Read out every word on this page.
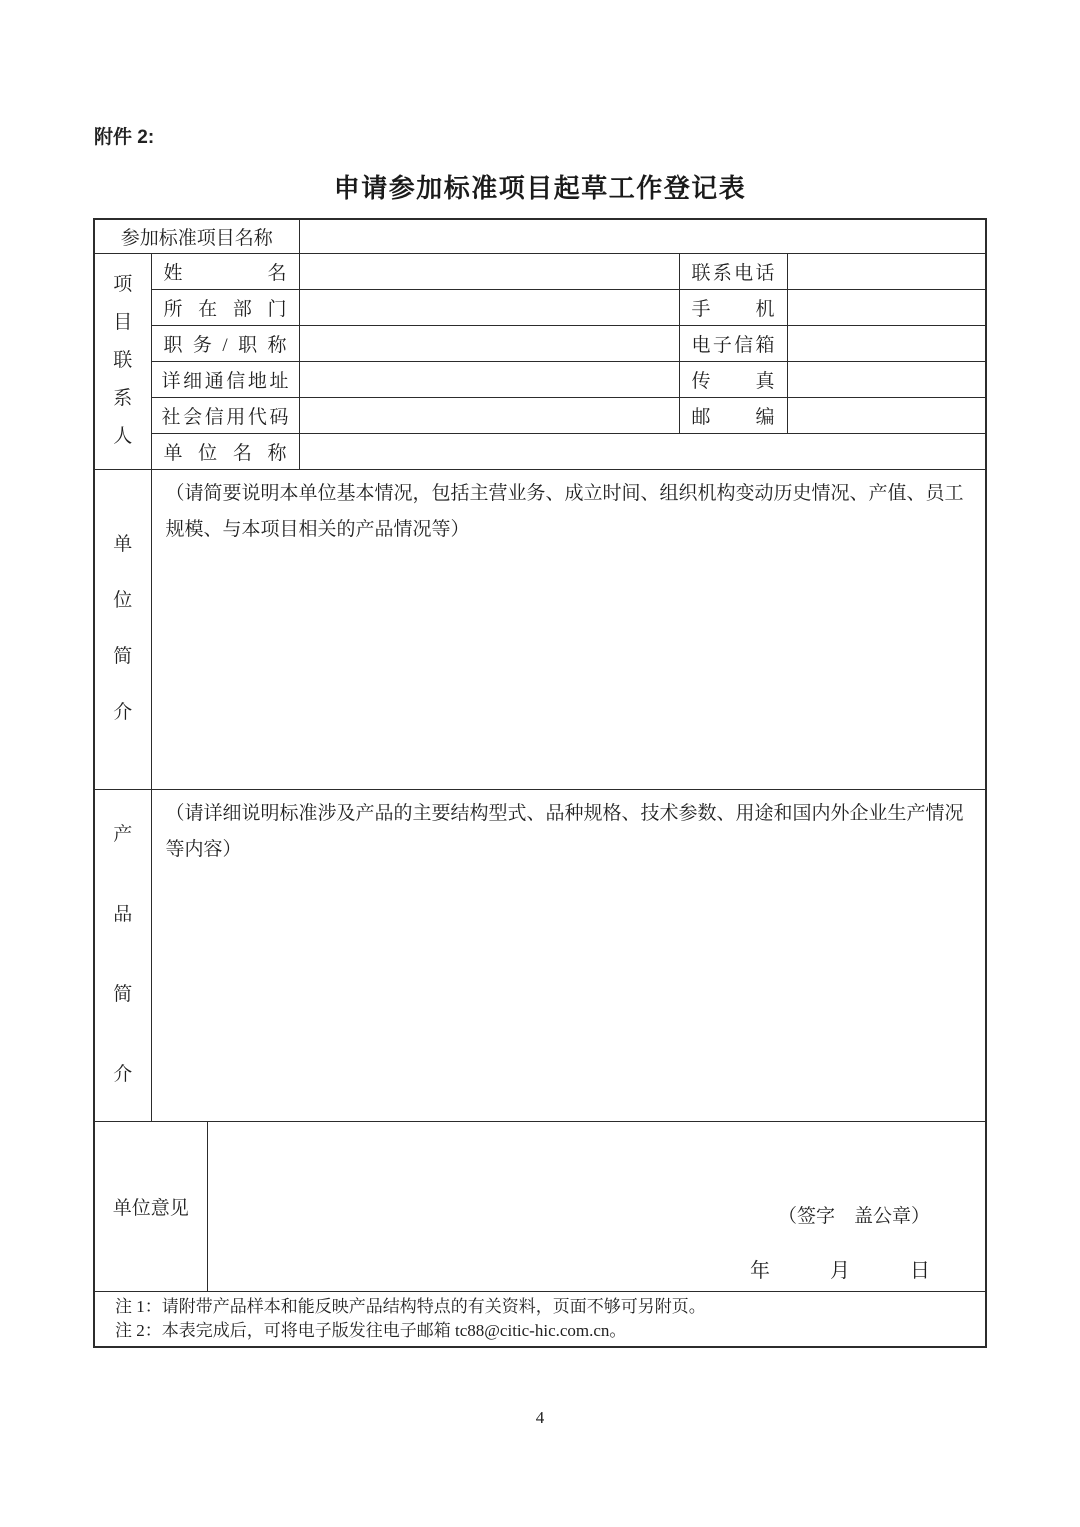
附件 2:
申请参加标准项目起草工作登记表
参加标准项目名称					

项目联系人	姓名			联系电话	
	所在部门			手机	
	职务/职称			电子信箱	
	详细通信地址			传真	
	社会信用代码			邮编	
	单位名称				

单位简介	（请简要说明本单位基本情况，包括主营业务、成立时间、组织机构变动历史情况、产值、员工规模、与本项目相关的产品情况等）				

产品简介	（请详细说明标准涉及产品的主要结构型式、品种规格、技术参数、用途和国内外企业生产情况等内容）				
单位意见		（签字　盖公章）
年　　　月　　　日			

注 1：请附带产品样本和能反映产品结构特点的有关资料，页面不够可另附页。
注 2：本表完成后，可将电子版发往电子邮箱 tc88@citic-hic.com.cn。					
4
